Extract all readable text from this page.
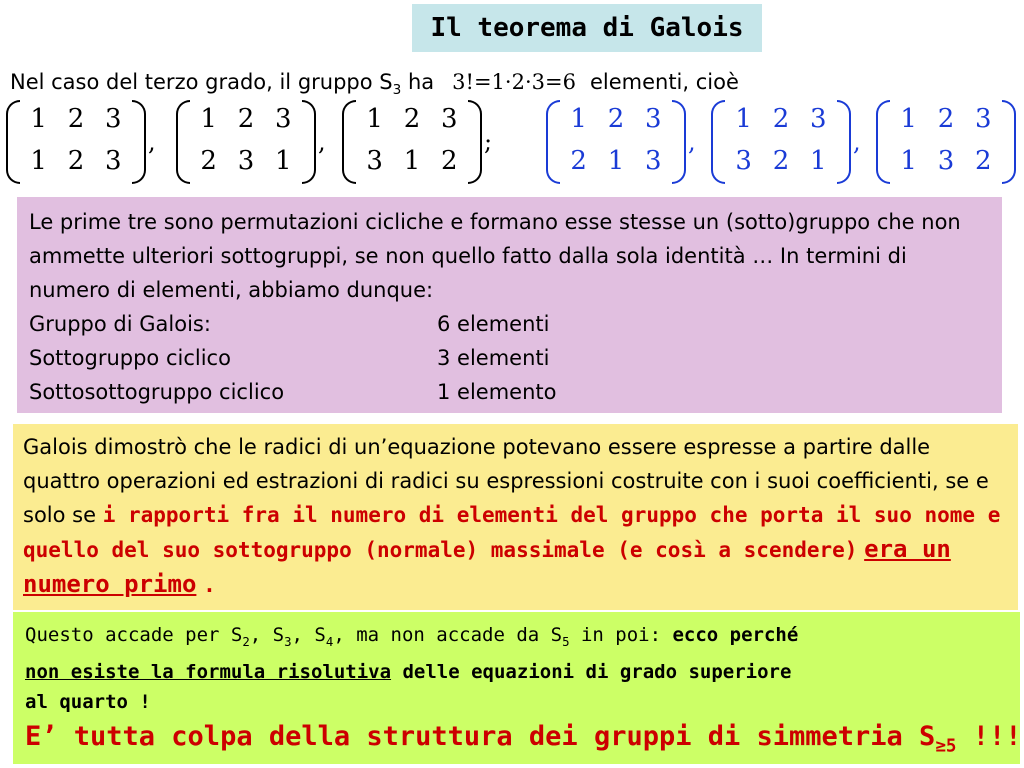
Il teorema di Galois
Nel caso del terzo grado, il gruppo $S_3$ ha 3!=1·2·3=6 elementi, cioè
1 2 3
1 2 3
,
1 2 3
2 3 1
,
1 2 3
3 1 2
;
1 2 3
2 1 3
,
1 2 3
3 2 1
,
1 2 3
1 3 2
Le prime tre sono permutazioni cicliche e formano esse stesse un (sotto)gruppo che non ammette ulteriori sottogruppi, se non quello fatto dalla sola identità … In termini di numero di elementi, abbiamo dunque:
Gruppo di Galois:	6 elementi
Sottogruppo ciclico	3 elementi
Sottosottogruppo ciclico	1 elemento
Galois dimostrò che le radici di un’equazione potevano essere espresse a partire dalle quattro operazioni ed estrazioni di radici su espressioni costruite con i suoi coefficienti, se e solo se i rapporti fra il numero di elementi del gruppo che porta il suo nome e quello del suo sottogruppo (normale) massimale (e così a scendere) era un numero primo .
Questo accade per $S_2$, $S_3$, $S_4$, ma non accade da $S_5$ in poi: ecco perché
non esiste la formula risolutiva delle equazioni di grado superiore
al quarto !
E’ tutta colpa della struttura dei gruppi di simmetria $S_{\ge 5}$ !!!
